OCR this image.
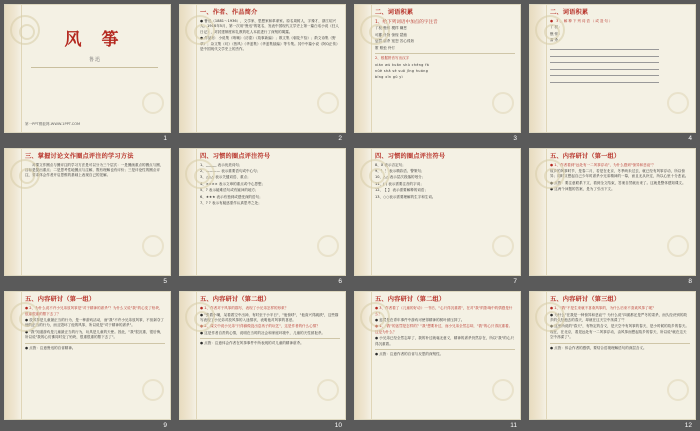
风 筝
鲁迅
第一PPT模板网-WWW.1PPT.COM
1
一、作者、作品简介

● 鲁迅（1881～1936），文学家、思想家和革命家。原名周树人，字豫才，浙江绍兴人。1918年5月，第一次用"鲁迅"的笔名，发表中国现代文学史上第一篇白话小说《狂人日记》，对封建制度和礼教的吃人本质进行了深刻的揭露。

● 作品有：小说集《呐喊》《彷徨》《故事新编》；散文集《朝花夕拾》；散文诗集《野草》；杂文集《坟》《热风》《华盖集》《华盖集续编》等专集。其中中篇小说《阿Q正传》是中国现代文学史上的杰作。

2
二、词语积累
1、给下列词语中加点的字注音

丫杈 憔悴 模样 嫌恶

可鄙 什物 惊惶 瑟缩

惩罚 虐杀 宽恕 苦心孤诣

堕 蜈蚣 伶仃

2、根据拼音写出汉字

xián wù kuān shù chéng fá

nüè shā sè suō jīng huáng

bǐng xīn ɡū yì

3
二、词语积累

● 3、解释下列词语（或造句）

丫杈：

憔悴：

肃杀：

4
三、掌握讨论文作圈点评注的学习方法

对课文作圈点与圈评注的学习方法是可以分为三个层次：一是圈画重点的圈点与圈，目标是提出重点；二是思考性地圈点与注解，既有理解也有评价；三是评论性的圈点评注，要求体会作者开启思维的基础上表现自己的见解。

5
四、习惯的圈点评注符号

1、﹏﹏﹏ 表示优美词句；

2、———— 表示重要语句或中心句；

3、△△△ 表示关键词语、重点；

4、×××× 表示文章的重点或中心思想；

5、? 表示疑难语句或有疑问的地方；

6、★★★ 表示有独到或感受深的语句；

7、? ? 表示有疑惑需作认真思考之处；

6
四、习惯的圈点评注符号

8、X 表示否定句；

9、！！ 表示精彩语、警策句；

10、△△ 表示层次段落的划分；

11、( ) 表示需要注音的字词；

12、【 】 表示需要解释的词语；

13、○○表示需要理解的生字和生词。

7
五、内容研讨（第一组）

● 1、作者看到"远处有一二风筝浮动"，为什么感到"惊异和悲哀"？

故乡的风筝时节，是春二月，若是在北京，冬季尚未过去，就已经有风筝浮动，所以惊异；同时又想起自己少年时虐杀小兄弟精神的一幕，而且无从补过，所以心里十分悲哀。

● 点拨：要注意联系下文，看到全文结束，答案自然就出来了。这就是整体感知课文。

● 这两个问题的答案，是为了引出下文。

8
五、内容研讨（第一组）

● 2、为什么说不许小兄弟放风筝是"对于精神的虐杀"？为什么又说"我"的心变了铅块，很重很重的堕下去了？

● 放风筝是儿童最正当的行为，是一种游戏活动，而"我"不许小兄弟放风筝，不但剥夺了他的正当的行为，而且毁坏了他的风筝，所以说是"对于精神的虐杀"。

● "我"知道游戏是儿童最正当的行为，玩具是儿童的天使。因此，"我"很沉重，很后悔，所以说"我的心仿佛同时变了铅块，很重很重的堕下去了"。

● 点拨：注意鲁迅的自省精神。

9
五、内容研讨（第二组）

● 1、作者对于风筝的描写，表现了小兄弟怎样的形象？

● "张着小嘴，呆看着空中出神，有时至于小半日"，"他惊呼"，"他高兴得跳跃"，这些描写表现了小兄弟对放风筝的入迷情状，表明他对风筝的喜爱。

● 2、课文中说小兄弟"只得偷做没出息孩子的玩艺"，这是作者的什么心情？

● 这是作者自责的心情，说明在当时的社会和家庭环境中，儿童的天性被扼杀。

● 点拨：注意体会作者在风筝事件中所表现的对儿童的精神虐杀。

10
五、内容研讨（第二组）

● 3、作者看了《儿童的好动》一书后，"心只得沉重着"，在对"我"的影响中的情感是什么？

● 惩罚是在青年事件中游戏可使得精神的树叶被压抑了。

● 4、"我"的惩罚是怎样的？"我"想要补过，而小兄弟全然忘却，"我"的心只得沉重着。这是为什么？

● 小兄弟已经全然忘却了，我的补过就毫无意义，精神的虐杀仍然存在，所以"我"的心只得沉重着。

● 点拨：注意作者的自省与反思的深刻性。

11
五、内容研讨（第三组）

● 1、"我"不是生来就不喜欢风筝的，为什么后来不喜欢风筝了呢？

● 为什么"在我是一种惊异和悲哀"？为什么说"四面都还是严冬的肃杀，而久经诀别的故乡的久经逝去的春天，却就在这天空中荡漾了"？

● 这里所说的"春天"，有特定的含义，是天空中有风筝的春天，是小时候的故乡的春天。现在，在北京，看见远处有一二风筝浮动，由风筝而想起故乡的春天，所以说"就在这天空中荡漾了"。

● 点拨：体会作者的感情，要结合语境理解语句的深层含义。

12
